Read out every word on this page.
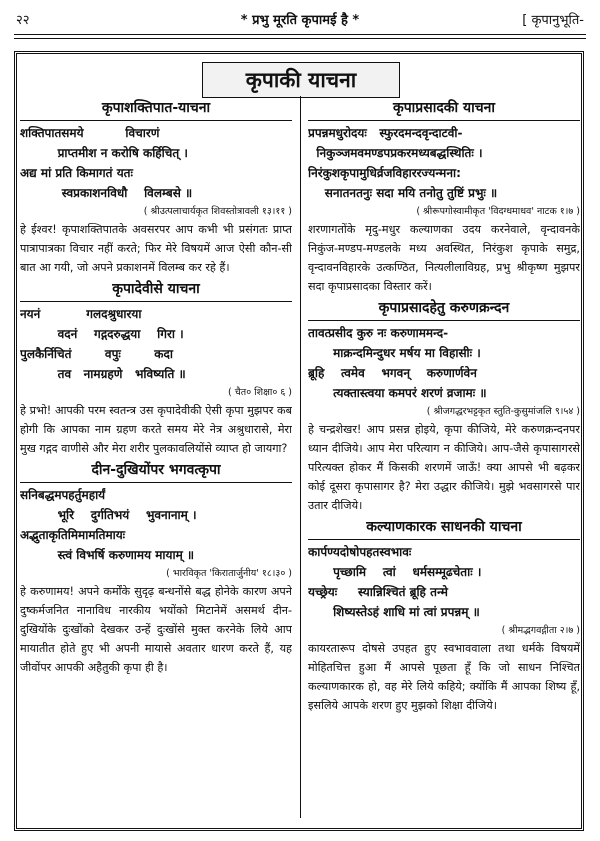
२२	* प्रभु मूरति कृपामई है *	[ कृपानुभूति-
कृपाकी याचना
कृपाशक्तिपात-याचना
शक्तिपातसमये          विचारणं
प्राप्तमीश न करोषि कर्हिचित् ।
अद्य मां प्रति किमागतं यतः
स्वप्रकाशनविधौ    विलम्बसे ॥
( श्रीउत्पलाचार्यकृत शिवस्तोत्रावली १३।११ )
हे ईश्वर! कृपाशक्तिपातके अवसरपर आप कभी भी प्रसंगतः प्राप्त पात्रापात्रका विचार नहीं करते; फिर मेरे विषयमें आज ऐसी कौन-सी बात आ गयी, जो अपने प्रकाशनमें विलम्ब कर रहे हैं।
कृपादेवीसे याचना
नयनं           गलदश्रुधारया
वदनं    गद्गदरुद्धया    गिरा ।
पुलकैर्निचितं        वपुः        कदा
तव   नामग्रहणे   भविष्यति ॥
( चैत० शिक्षा० ६ )
हे प्रभो! आपकी परम स्वतन्त्र उस कृपादेवीकी ऐसी कृपा मुझपर कब होगी कि आपका नाम ग्रहण करते समय मेरे नेत्र अश्रुधारासे, मेरा मुख गद्गद वाणीसे और मेरा शरीर पुलकावलियोंसे व्याप्त हो जायगा?
दीन-दुखियोंपर भगवत्कृपा
सनिबद्धमपहर्तुमहार्यं
भूरि    दुर्गतिभयं    भुवनानाम् ।
अद्भुताकृतिमिमामतिमायः
स्त्वं विभर्षि करुणामय मायाम् ॥
( भारविकृत 'किरातार्जुनीय' १८।३० )
हे करुणामय! अपने कर्मोंके सुदृढ़ बन्धनोंसे बद्ध होनेके कारण अपने दुष्कर्मजनित नानाविध नारकीय भयोंको मिटानेमें असमर्थ दीन-दुखियोंके दुःखोंको देखकर उन्हें दुःखोंसे मुक्त करनेके लिये आप मायातीत होते हुए भी अपनी मायासे अवतार धारण करते हैं, यह जीवोंपर आपकी अहैतुकी कृपा ही है।
कृपाप्रसादकी याचना
प्रपन्नमधुरोदयः   स्फुरदमन्दवृन्दाटवी-
निकुञ्जमवमण्डपप्रकरमध्यबद्धस्थितिः ।
निरंकुशकृपामुधिर्व्रजविहाररज्यन्मना:
सनातनतनुः सदा मयि तनोतु तुष्टिं प्रभुः ॥
( श्रीरूपगोस्वामीकृत 'विदग्धमाधव' नाटक १।७ )
शरणागतोंके मृदु-मधुर कल्याणका उदय करनेवाले, वृन्दावनके निकुंज-मण्डप-मण्डलके मध्य अवस्थित, निरंकुश कृपाके समुद्र, वृन्दावनविहारके उत्कण्ठित, नित्यलीलाविग्रह, प्रभु श्रीकृष्ण मुझपर सदा कृपाप्रसादका विस्तार करें।
कृपाप्रसादहेतु करुणक्रन्दन
तावत्प्रसीद कुरु नः करुणाममन्द-
माक्रन्दमिन्दुधर मर्षय मा विहासीः ।
ब्रूहि    त्वमेव    भगवन्    करुणार्णवेन
त्यक्तास्त्वया कमपरं शरणं व्रजामः ॥
( श्रीजगद्धरभट्टकृत स्तुति-कुसुमांजलि ९।५४ )
हे चन्द्रशेखर! आप प्रसन्न होइये, कृपा कीजिये, मेरे करुणक्रन्दनपर ध्यान दीजिये। आप मेरा परित्याग न कीजिये। आप-जैसे कृपासागरसे परित्यक्त होकर मैं किसकी शरणमें जाऊँ! क्या आपसे भी बढ़कर कोई दूसरा कृपासागर है? मेरा उद्धार कीजिये। मुझे भवसागरसे पार उतार दीजिये।
कल्याणकारक साधनकी याचना
कार्पण्यदोषोपहतस्वभावः
पृच्छामि    त्वां    धर्मसम्मूढचेताः ।
यच्छ्रेयः     स्यान्निश्चितं ब्रूहि तन्मे
शिष्यस्तेऽहं शाधि मां त्वां प्रपन्नम् ॥
( श्रीमद्भगवद्गीता २।७ )
कायरतारूप दोषसे उपहत हुए स्वभाववाला तथा धर्मके विषयमें मोहितचित्त हुआ मैं आपसे पूछता हूँ कि जो साधन निश्चित कल्याणकारक हो, वह मेरे लिये कहिये; क्योंकि मैं आपका शिष्य हूँ, इसलिये आपके शरण हुए मुझको शिक्षा दीजिये।
